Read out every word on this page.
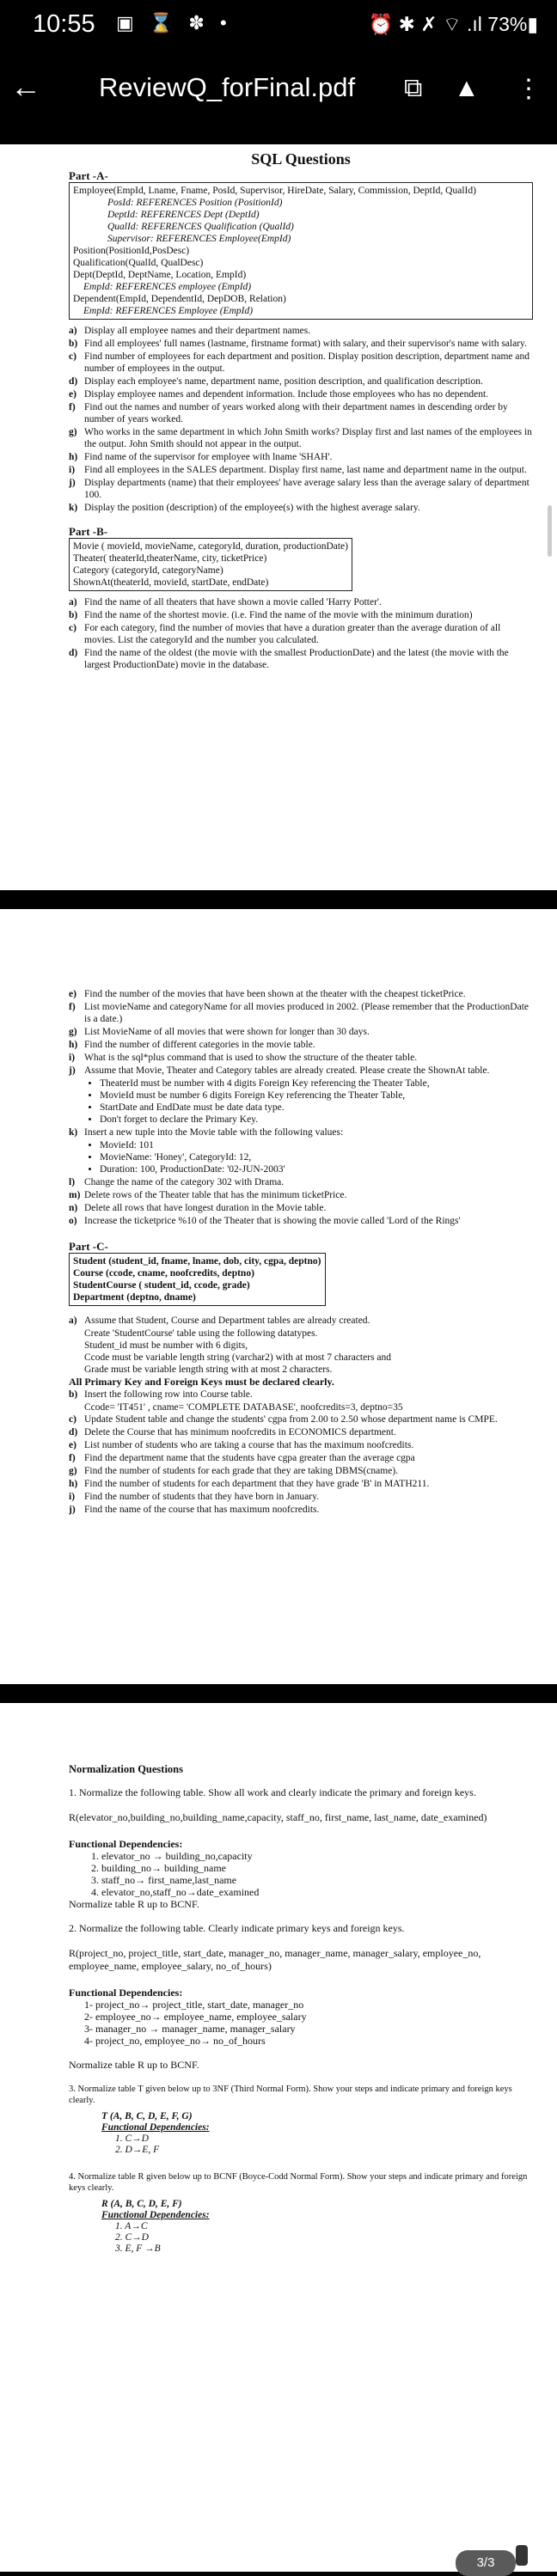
10:55 ▣ ⌛ ✽ •	⏰ ✱ ✗ ⌔ .ıl 73%▮
← ReviewQ_forFinal.pdf ⧉ ▲ ⋮
SQL Questions
Part -A-
Employee(EmpId, Lname, Fname, PosId, Supervisor, HireDate, Salary, Commission, DeptId, QualId)
PosId: REFERENCES Position (PositionId)
DeptId: REFERENCES Dept (DeptId)
QualId: REFERENCES Qualification (QualId)
Supervisor: REFERENCES Employee(EmpId)
Position(PositionId,PosDesc)
Qualification(QualId, QualDesc)
Dept(DeptId, DeptName, Location, EmpId)
EmpId: REFERENCES employee (EmpId)
Dependent(EmpId, DependentId, DepDOB, Relation)
EmpId: REFERENCES Employee (EmpId)
a) Display all employee names and their department names.
b) Find all employees' full names (lastname, firstname format) with salary, and their supervisor's name with salary.
c) Find number of employees for each department and position. Display position description, department name and number of employees in the output.
d) Display each employee's name, department name, position description, and qualification description.
e) Display employee names and dependent information. Include those employees who has no dependent.
f) Find out the names and number of years worked along with their department names in descending order by number of years worked.
g) Who works in the same department in which John Smith works? Display first and last names of the employees in the output. John Smith should not appear in the output.
h) Find name of the supervisor for employee with lname 'SHAH'.
i) Find all employees in the SALES department. Display first name, last name and department name in the output.
j) Display departments (name) that their employees' have average salary less than the average salary of department 100.
k) Display the position (description) of the employee(s) with the highest average salary.
Part -B-
Movie ( movieId, movieName, categoryId, duration, productionDate)
Theater( theaterId,theaterName, city, ticketPrice)
Category (categoryId, categoryName)
ShownAt(theaterId, movieId, startDate, endDate)
a) Find the name of all theaters that have shown a movie called 'Harry Potter'.
b) Find the name of the shortest movie. (i.e. Find the name of the movie with the minimum duration)
c) For each category, find the number of movies that have a duration greater than the average duration of all movies. List the categoryId and the number you calculated.
d) Find the name of the oldest (the movie with the smallest ProductionDate) and the latest (the movie with the largest ProductionDate) movie in the database.
e) Find the number of the movies that have been shown at the theater with the cheapest ticketPrice.
f) List movieName and categoryName for all movies produced in 2002. (Please remember that the ProductionDate is a date.)
g) List MovieName of all movies that were shown for longer than 30 days.
h) Find the number of different categories in the movie table.
i) What is the sql*plus command that is used to show the structure of the theater table.
j) Assume that Movie, Theater and Category tables are already created. Please create the ShownAt table.
• TheaterId must be number with 4 digits Foreign Key referencing the Theater Table,
• MovieId must be number 6 digits Foreign Key referencing the Theater Table,
• StartDate and EndDate must be date data type.
• Don't forget to declare the Primary Key.
k) Insert a new tuple into the Movie table with the following values:
• MovieId: 101
• MovieName: 'Honey', CategoryId: 12,
• Duration: 100, ProductionDate: '02-JUN-2003'
l) Change the name of the category 302 with Drama.
m) Delete rows of the Theater table that has the minimum ticketPrice.
n) Delete all rows that have longest duration in the Movie table.
o) Increase the ticketprice %10 of the Theater that is showing the movie called 'Lord of the Rings'
Part -C-
Student (student_id, fname, lname, dob, city, cgpa, deptno)
Course (ccode, cname, noofcredits, deptno)
StudentCourse ( student_id, ccode, grade)
Department (deptno, dname)
a) Assume that Student, Course and Department tables are already created.
Create 'StudentCourse' table using the following datatypes.
Student_id must be number with 6 digits,
Ccode must be variable length string (varchar2) with at most 7 characters and
Grade must be variable length string with at most 2 characters.
All Primary Key and Foreign Keys must be declared clearly.
b) Insert the following row into Course table.
Ccode= 'IT451' , cname= 'COMPLETE DATABASE', noofcredits=3, deptno=35
c) Update Student table and change the students' cgpa from 2.00 to 2.50 whose department name is CMPE.
d) Delete the Course that has minimum noofcredits in ECONOMICS department.
e) List number of students who are taking a course that has the maximum noofcredits.
f) Find the department name that the students have cgpa greater than the average cgpa
g) Find the number of students for each grade that they are taking DBMS(cname).
h) Find the number of students for each department that they have grade 'B' in MATH211.
i) Find the number of students that they have born in January.
j) Find the name of the course that has maximum noofcredits.
Normalization Questions

1. Normalize the following table. Show all work and clearly indicate the primary and foreign keys.

R(elevator_no,building_no,building_name,capacity, staff_no, first_name, last_name, date_examined)

Functional Dependencies:
1. elevator_no → building_no,capacity
2. building_no→ building_name
3. staff_no→ first_name,last_name
4. elevator_no,staff_no→date_examined
Normalize table R up to BCNF.

2. Normalize the following table. Clearly indicate primary keys and foreign keys.

R(project_no, project_title, start_date, manager_no, manager_name, manager_salary, employee_no, employee_name, employee_salary, no_of_hours)

Functional Dependencies:
1- project_no→ project_title, start_date, manager_no
2- employee_no→ employee_name, employee_salary
3- manager_no → manager_name, manager_salary
4- project_no, employee_no→ no_of_hours

Normalize table R up to BCNF.

3. Normalize table T given below up to 3NF (Third Normal Form). Show your steps and indicate primary and foreign keys clearly.

T (A, B, C, D, E, F, G)
Functional Dependencies:
1. C→D
2. D→E, F

4. Normalize table R given below up to BCNF (Boyce-Codd Normal Form). Show your steps and indicate primary and foreign keys clearly.

R (A, B, C, D, E, F)
Functional Dependencies:
1. A→C
2. C→D
3. E, F →B
3/3
